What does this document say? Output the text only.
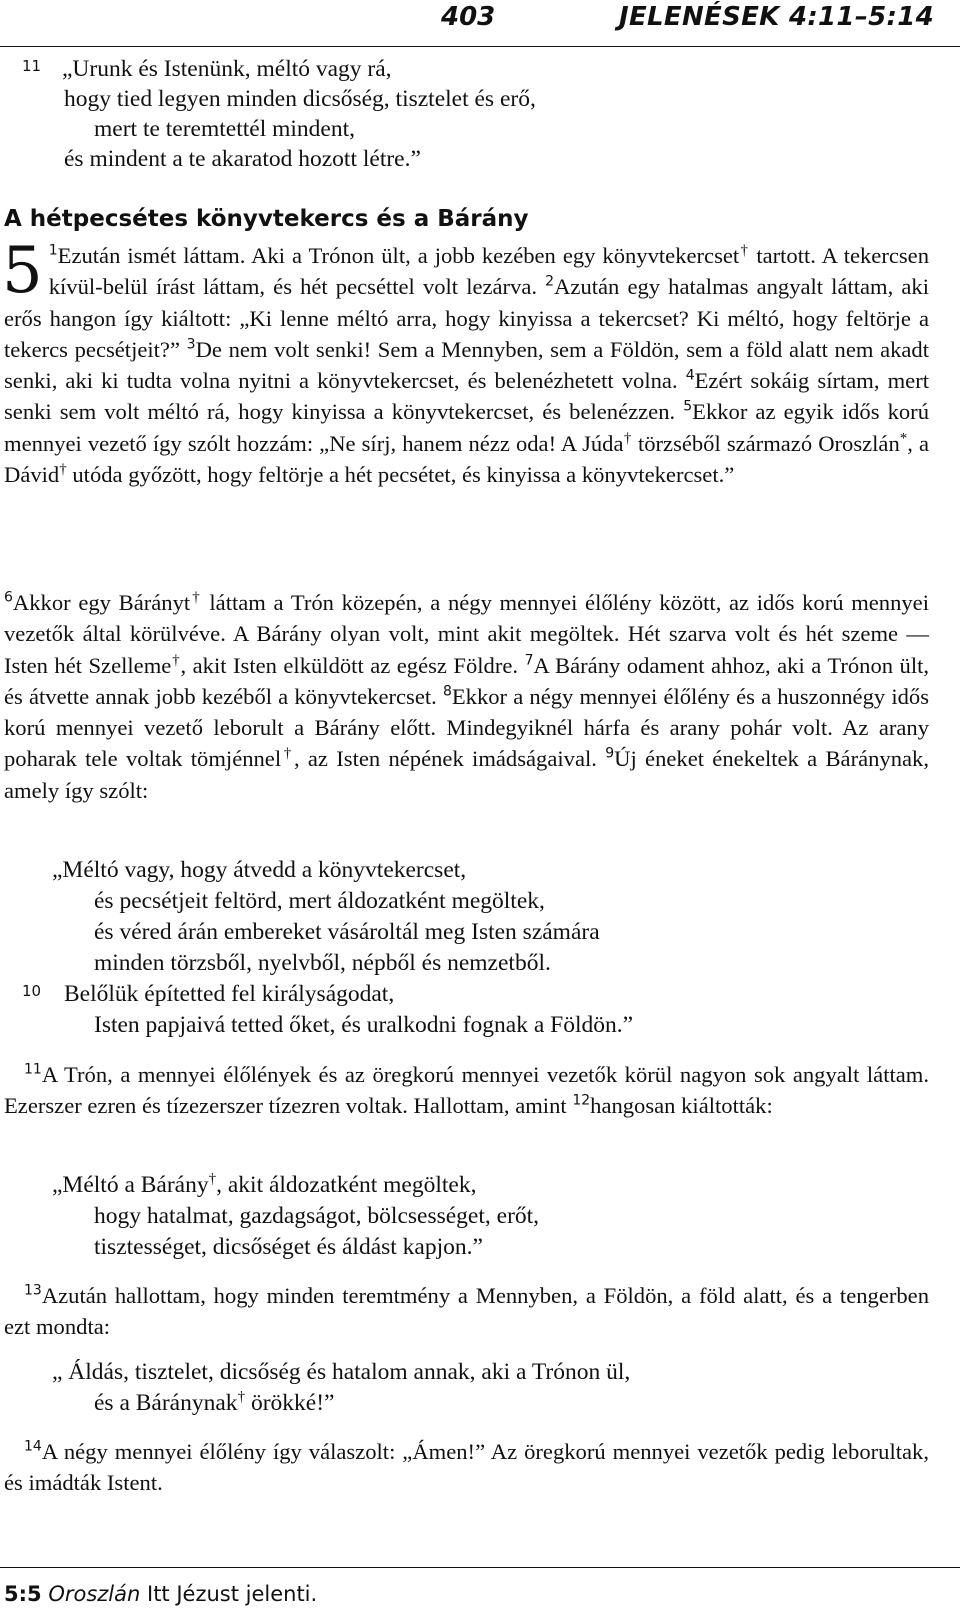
403	JELENÉSEK 4:11–5:14
11 „Urunk és Istenünk, méltó vagy rá,
hogy tied legyen minden dicsőség, tisztelet és erő,
mert te teremtettél mindent,
és mindent a te akaratod hozott létre.”
A hétpecsétes könyvtekercs és a Bárány

5 $^1$Ezután ismét láttam. Aki a Trónon ült, a jobb kezében egy könyvtekercset† tartott. A tekercsen kívül-belül írást láttam, és hét pecséttel volt lezárva. $^2$Azután egy hatalmas angyalt láttam, aki erős hangon így kiáltott: „Ki lenne méltó arra, hogy kinyissa a tekercset? Ki méltó, hogy feltörje a tekercs pecsétjeit?” $^3$De nem volt senki! Sem a Mennyben, sem a Földön, sem a föld alatt nem akadt senki, aki ki tudta volna nyitni a könyvtekercset, és belenézhetett volna. $^4$Ezért sokáig sírtam, mert senki sem volt méltó rá, hogy kinyissa a könyvtekercset, és belenézzen. $^5$Ekkor az egyik idős korú mennyei vezető így szólt hozzám: „Ne sírj, hanem nézz oda! A Júda† törzséből származó Oroszlán*, a Dávid† utóda győzött, hogy feltörje a hét pecsétet, és kinyissa a könyvtekercset.”

$^6$Akkor egy Bárányt† láttam a Trón közepén, a négy mennyei élőlény között, az idős korú mennyei vezetők által körülvéve. A Bárány olyan volt, mint akit megöltek. Hét szarva volt és hét szeme — Isten hét Szelleme†, akit Isten elküldött az egész Földre. $^7$A Bárány odament ahhoz, aki a Trónon ült, és átvette annak jobb kezéből a könyvtekercset. $^8$Ekkor a négy mennyei élőlény és a huszonnégy idős korú mennyei vezető leborult a Bárány előtt. Mindegyiknél hárfa és arany pohár volt. Az arany poharak tele voltak tömjénnel†, az Isten népének imádságaival. $^9$Új éneket énekeltek a Báránynak, amely így szólt:

„Méltó vagy, hogy átvedd a könyvtekercset,
és pecsétjeit feltörd, mert áldozatként megöltek,
és véred árán embereket vásároltál meg Isten számára
minden törzsből, nyelvből, népből és nemzetből.
10 Belőlük építetted fel királyságodat,
Isten papjaivá tetted őket, és uralkodni fognak a Földön.”

$^{11}$A Trón, a mennyei élőlények és az öregkorú mennyei vezetők körül nagyon sok angyalt láttam. Ezerszer ezren és tízezerszer tízezren voltak. Hallottam, amint $^{12}$hangosan kiáltották:

„Méltó a Bárány†, akit áldozatként megöltek,
hogy hatalmat, gazdagságot, bölcsességet, erőt,
tisztességet, dicsőséget és áldást kapjon.”

$^{13}$Azután hallottam, hogy minden teremtmény a Mennyben, a Földön, a föld alatt, és a tengerben ezt mondta:

„ Áldás, tisztelet, dicsőség és hatalom annak, aki a Trónon ül,
és a Báránynak† örökké!”

$^{14}$A négy mennyei élőlény így válaszolt: „Ámen!” Az öregkorú mennyei vezetők pedig leborultak, és imádták Istent.

5:5 Oroszlán Itt Jézust jelenti.
